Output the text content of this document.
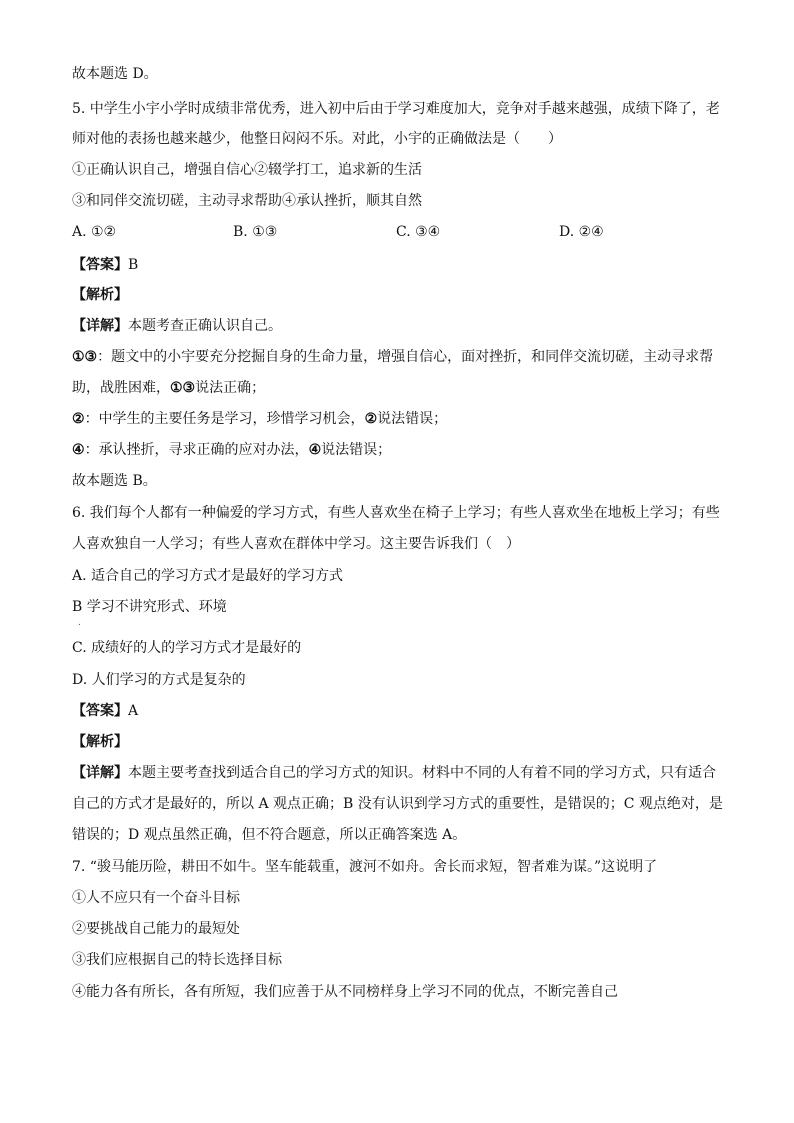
故本题选 D。
5. 中学生小宇小学时成绩非常优秀，进入初中后由于学习难度加大，竞争对手越来越强，成绩下降了，老
师对他的表扬也越来越少，他整日闷闷不乐。对此，小宇的正确做法是（　　）
①正确认识自己，增强自信心②辍学打工，追求新的生活
③和同伴交流切磋，主动寻求帮助④承认挫折，顺其自然
A. ①②	B. ①③	C. ③④	D. ②④
【答案】B
【解析】
【详解】本题考查正确认识自己。
①③：题文中的小宇要充分挖掘自身的生命力量，增强自信心，面对挫折，和同伴交流切磋，主动寻求帮
助，战胜困难，①③说法正确；
②：中学生的主要任务是学习，珍惜学习机会，②说法错误；
④：承认挫折，寻求正确的应对办法，④说法错误；
故本题选 B。
6. 我们每个人都有一种偏爱的学习方式，有些人喜欢坐在椅子上学习；有些人喜欢坐在地板上学习；有些
人喜欢独自一人学习；有些人喜欢在群体中学习。这主要告诉我们（　）
A. 适合自己的学习方式才是最好的学习方式
B 学习不讲究形式、环境
.
C. 成绩好的人的学习方式才是最好的
D. 人们学习的方式是复杂的
【答案】A
【解析】
【详解】本题主要考查找到适合自己的学习方式的知识。材料中不同的人有着不同的学习方式，只有适合
自己的方式才是最好的，所以 A 观点正确；B 没有认识到学习方式的重要性，是错误的；C 观点绝对，是
错误的；D 观点虽然正确，但不符合题意，所以正确答案选 A。
7. “骏马能历险，耕田不如牛。坚车能载重，渡河不如舟。舍长而求短，智者难为谋。”这说明了
①人不应只有一个奋斗目标
②要挑战自己能力的最短处
③我们应根据自己的特长选择目标
④能力各有所长，各有所短，我们应善于从不同榜样身上学习不同的优点，不断完善自己
